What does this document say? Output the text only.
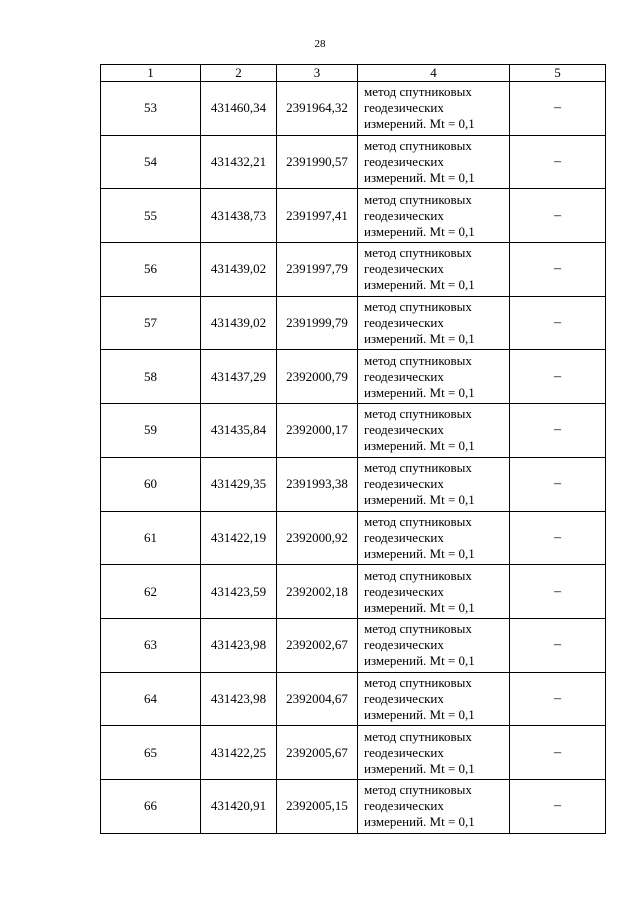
28
1	2	3	4	5
53	431460,34	2391964,32	метод спутниковых
геодезических
измерений. Mt = 0,1	–
54	431432,21	2391990,57	метод спутниковых
геодезических
измерений. Mt = 0,1	–
55	431438,73	2391997,41	метод спутниковых
геодезических
измерений. Mt = 0,1	–
56	431439,02	2391997,79	метод спутниковых
геодезических
измерений. Mt = 0,1	–
57	431439,02	2391999,79	метод спутниковых
геодезических
измерений. Mt = 0,1	–
58	431437,29	2392000,79	метод спутниковых
геодезических
измерений. Mt = 0,1	–
59	431435,84	2392000,17	метод спутниковых
геодезических
измерений. Mt = 0,1	–
60	431429,35	2391993,38	метод спутниковых
геодезических
измерений. Mt = 0,1	–
61	431422,19	2392000,92	метод спутниковых
геодезических
измерений. Mt = 0,1	–
62	431423,59	2392002,18	метод спутниковых
геодезических
измерений. Mt = 0,1	–
63	431423,98	2392002,67	метод спутниковых
геодезических
измерений. Mt = 0,1	–
64	431423,98	2392004,67	метод спутниковых
геодезических
измерений. Mt = 0,1	–
65	431422,25	2392005,67	метод спутниковых
геодезических
измерений. Mt = 0,1	–
66	431420,91	2392005,15	метод спутниковых
геодезических
измерений. Mt = 0,1	–
